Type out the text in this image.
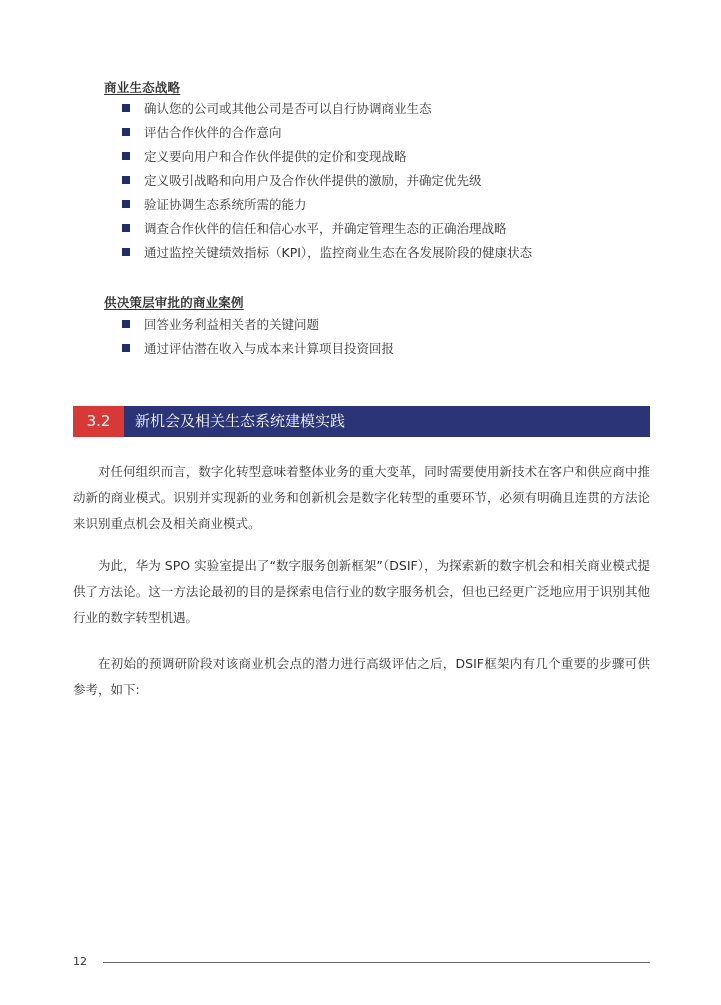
商业生态战略
确认您的公司或其他公司是否可以自行协调商业生态
评估合作伙伴的合作意向
定义要向用户和合作伙伴提供的定价和变现战略
定义吸引战略和向用户及合作伙伴提供的激励，并确定优先级
验证协调生态系统所需的能力
调查合作伙伴的信任和信心水平，并确定管理生态的正确治理战略
通过监控关键绩效指标（KPI），监控商业生态在各发展阶段的健康状态
供决策层审批的商业案例
回答业务利益相关者的关键问题
通过评估潜在收入与成本来计算项目投资回报
3.2	新机会及相关生态系统建模实践

对任何组织而言，数字化转型意味着整体业务的重大变革，同时需要使用新技术在客户和供应商中推动新的商业模式。识别并实现新的业务和创新机会是数字化转型的重要环节，必须有明确且连贯的方法论来识别重点机会及相关商业模式。

为此，华为 SPO 实验室提出了“数字服务创新框架”（DSIF），为探索新的数字机会和相关商业模式提供了方法论。这一方法论最初的目的是探索电信行业的数字服务机会，但也已经更广泛地应用于识别其他行业的数字转型机遇。

在初始的预调研阶段对该商业机会点的潜力进行高级评估之后，DSIF框架内有几个重要的步骤可供参考，如下:

12
